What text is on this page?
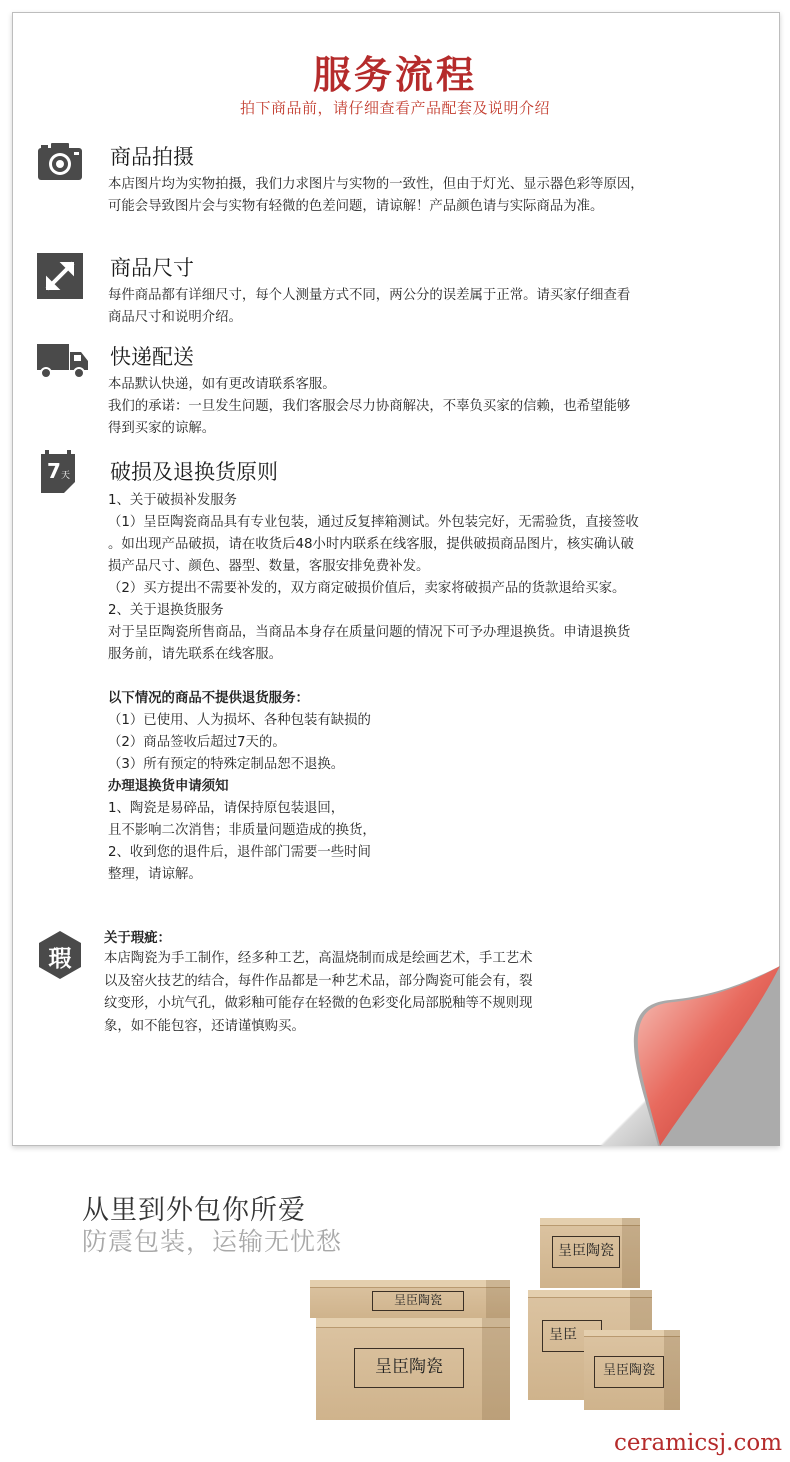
服务流程
拍下商品前，请仔细查看产品配套及说明介绍
商品拍摄

本店图片均为实物拍摄，我们力求图片与实物的一致性，但由于灯光、显示器色彩等原因，

可能会导致图片会与实物有轻微的色差问题，请谅解！产品颜色请与实际商品为准。

商品尺寸

每件商品都有详细尺寸，每个人测量方式不同，两公分的误差属于正常。请买家仔细查看

商品尺寸和说明介绍。

快递配送

本品默认快递，如有更改请联系客服。

我们的承诺：一旦发生问题，我们客服会尽力协商解决，不辜负买家的信赖，也希望能够

得到买家的谅解。

7 天 破损及退换货原则

1、关于破损补发服务

（1）呈臣陶瓷商品具有专业包装，通过反复摔箱测试。外包装完好，无需验货，直接签收

。如出现产品破损，请在收货后48小时内联系在线客服，提供破损商品图片，核实确认破

损产品尺寸、颜色、器型、数量，客服安排免费补发。

（2）买方提出不需要补发的，双方商定破损价值后，卖家将破损产品的货款退给买家。

2、关于退换货服务

对于呈臣陶瓷所售商品，当商品本身存在质量问题的情况下可予办理退换货。申请退换货

服务前，请先联系在线客服。

以下情况的商品不提供退货服务：

（1）已使用、人为损坏、各种包装有缺损的

（2）商品签收后超过7天的。

（3）所有预定的特殊定制品恕不退换。

办理退换货申请须知

1、陶瓷是易碎品，请保持原包装退回，

且不影响二次消售；非质量问题造成的换货，

2、收到您的退件后，退件部门需要一些时间

整理，请谅解。

瑕
关于瑕疵：

本店陶瓷为手工制作，经多种工艺，高温烧制而成是绘画艺术，手工艺术

以及窑火技艺的结合，每件作品都是一种艺术品，部分陶瓷可能会有，裂

纹变形，小坑气孔，做彩釉可能存在轻微的色彩变化局部脱釉等不规则现

象，如不能包容，还请谨慎购买。

从里到外包你所爱
防震包装，运输无忧愁
呈臣陶瓷
呈臣陶瓷
呈臣陶瓷
呈臣
呈臣陶瓷
ceramicsj.com
